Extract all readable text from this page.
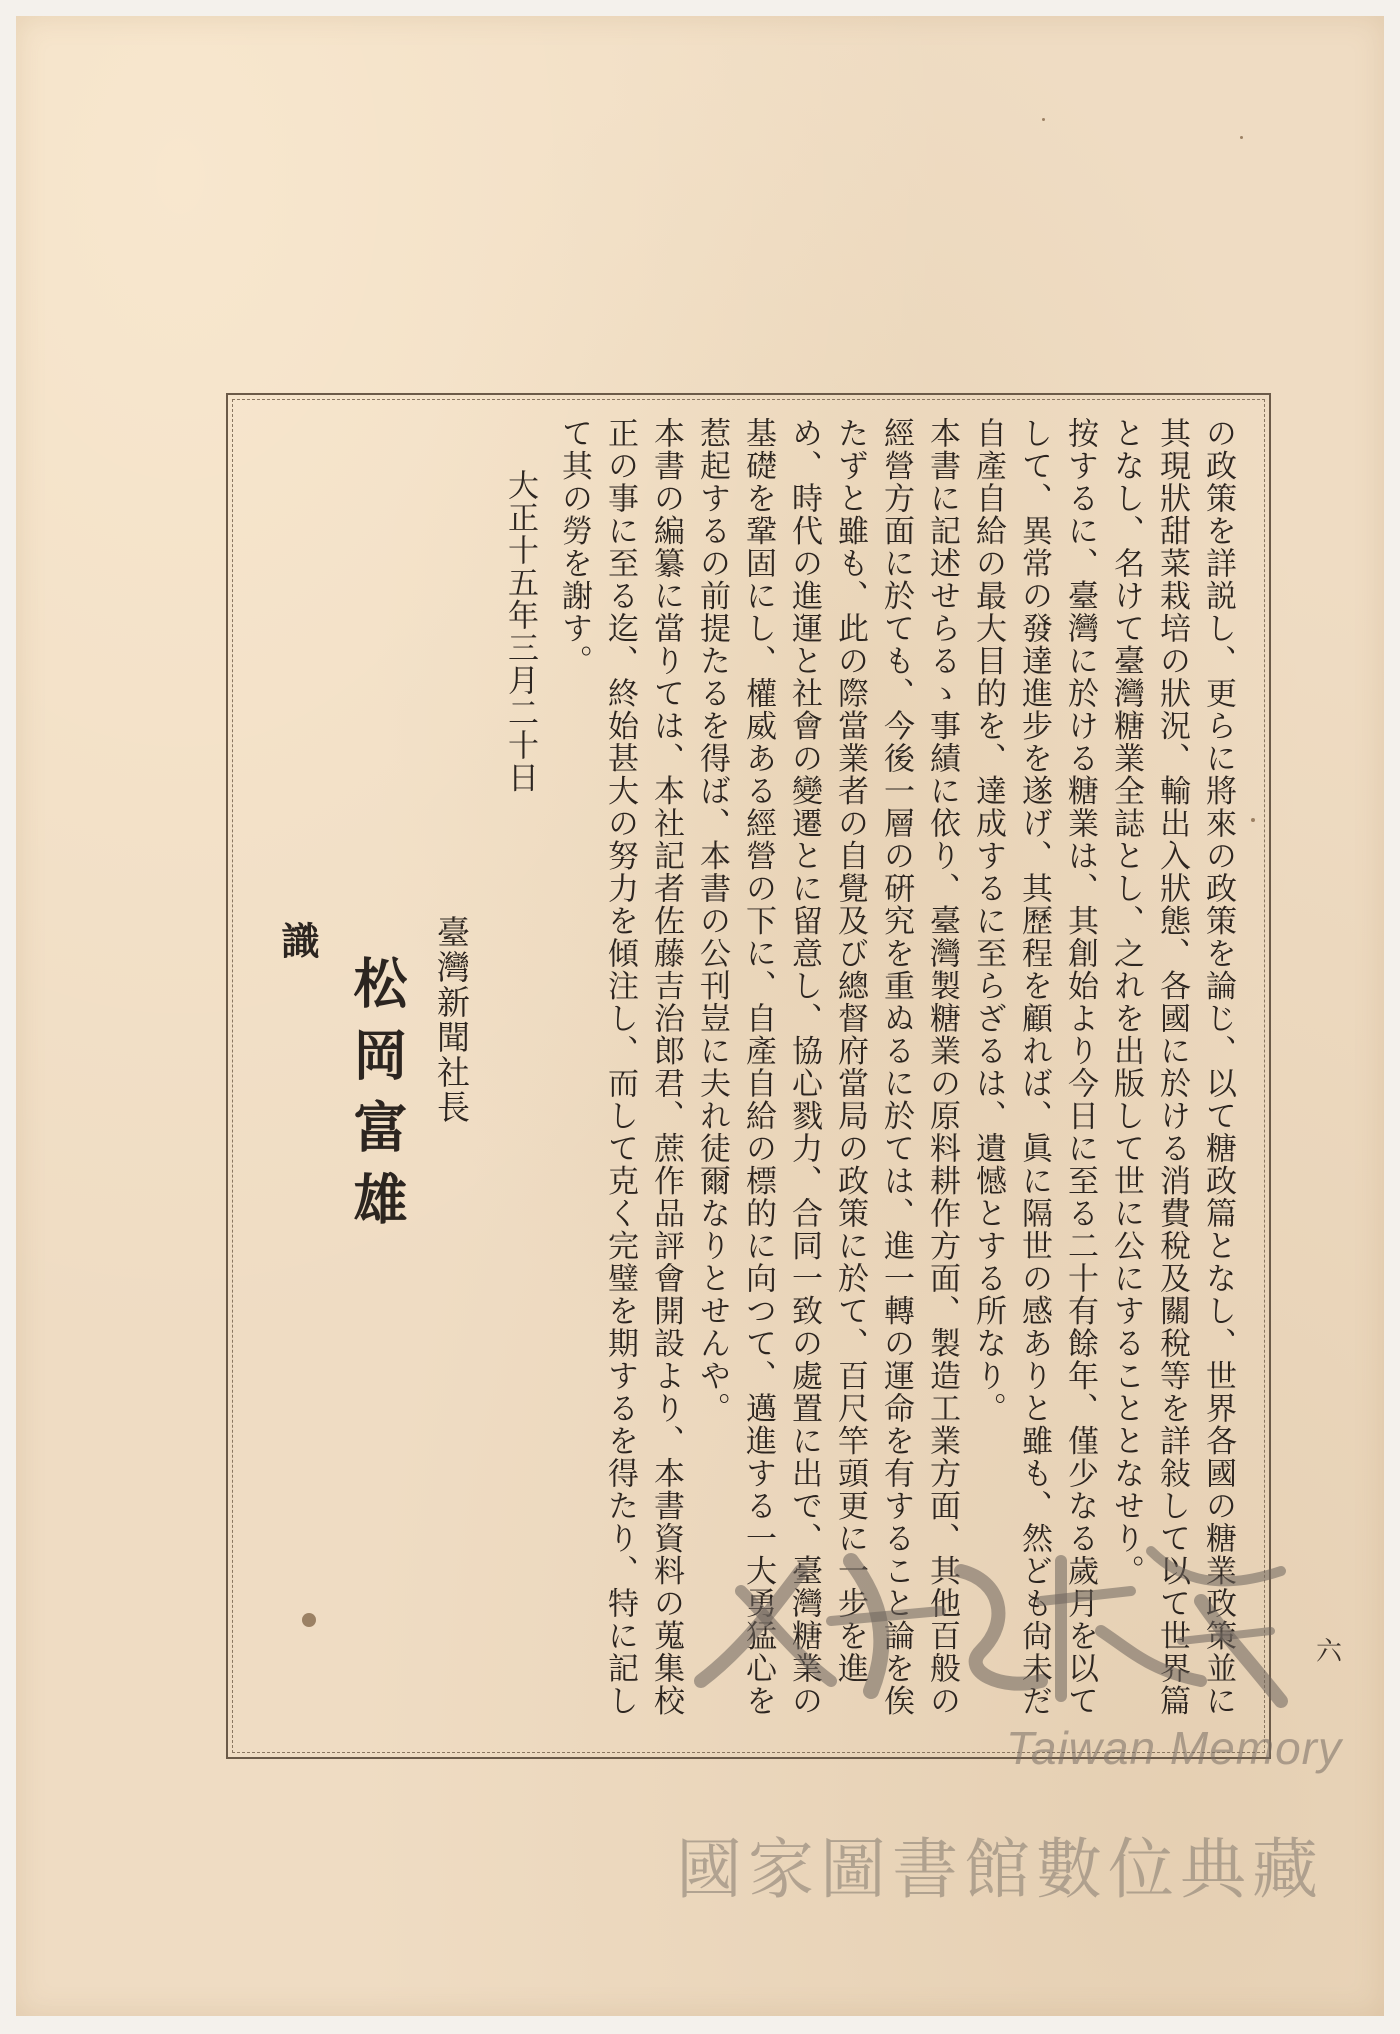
の政策を詳説し、更らに將來の政策を論じ、以て糖政篇となし、世界各國の糖業政策並に其現狀甜菜栽培の狀況、輸出入狀態、各國に於ける消費稅及關稅等を詳敍して以て世界篇となし、名けて臺灣糖業全誌とし、之れを出版して世に公にすることとなせり。

按するに、臺灣に於ける糖業は、其創始より今日に至る二十有餘年、僅少なる歲月を以てして、異常の發達進步を遂げ、其歷程を顧れば、眞に隔世の感ありと雖も、然ども尙未だ自產自給の最大目的を、達成するに至らざるは、遺憾とする所なり。

本書に記述せらるゝ事績に依り、臺灣製糖業の原料耕作方面、製造工業方面、其他百般の經營方面に於ても、今後一層の硏究を重ぬるに於ては、進一轉の運命を有すること論を俟たずと雖も、此の際當業者の自覺及び總督府當局の政策に於て、百尺竿頭更に一步を進め、時代の進運と社會の變遷とに留意し、協心戮力、合同一致の處置に出で、臺灣糖業の基礎を鞏固にし、權威ある經營の下に、自產自給の標的に向つて、邁進する一大勇猛心を惹起するの前提たるを得ば、本書の公刊豈に夫れ徒爾なりとせんや。

本書の編纂に當りては、本社記者佐藤吉治郎君、蔗作品評會開設より、本書資料の蒐集校正の事に至る迄、終始甚大の努力を傾注し、而して克く完璧を期するを得たり、特に記して其の勞を謝す。

大正十五年三月二十日

臺灣新聞社長
松岡富雄
識
六
Taiwan Memory
國家圖書館數位典藏
